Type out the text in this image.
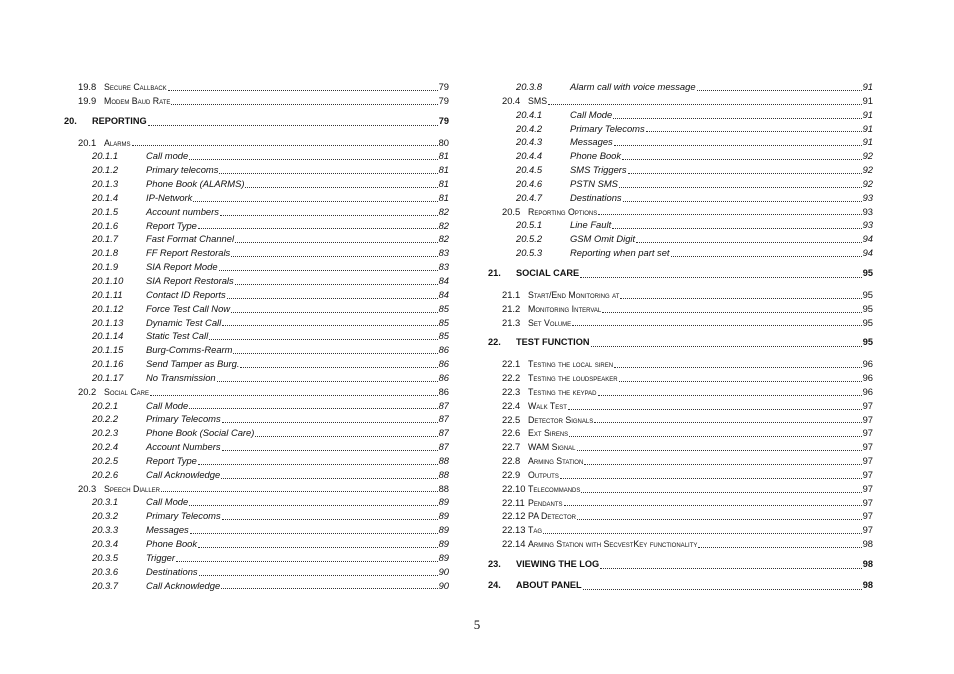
19.8 Secure Callback	79
19.9 Modem Baud Rate	79
20.	REPORTING	79
20.1 Alarms	80
20.1.1	Call mode	81
20.1.2	Primary telecoms	81
20.1.3	Phone Book (ALARMS)	81
20.1.4	IP-Network	81
20.1.5	Account numbers	82
20.1.6	Report Type	82
20.1.7	Fast Format Channel	82
20.1.8	FF Report Restorals	83
20.1.9	SIA Report Mode	83
20.1.10	SIA Report Restorals	84
20.1.11	Contact ID Reports	84
20.1.12	Force Test Call Now	85
20.1.13	Dynamic Test Call	85
20.1.14	Static Test Call	85
20.1.15	Burg-Comms-Rearm	86
20.1.16	Send Tamper as Burg.	86
20.1.17	No Transmission	86
20.2 Social Care	86
20.2.1	Call Mode	87
20.2.2	Primary Telecoms	87
20.2.3	Phone Book (Social Care)	87
20.2.4	Account Numbers	87
20.2.5	Report Type	88
20.2.6	Call Acknowledge	88
20.3 Speech Dialler	88
20.3.1	Call Mode	89
20.3.2	Primary Telecoms	89
20.3.3	Messages	89
20.3.4	Phone Book	89
20.3.5	Trigger	89
20.3.6	Destinations	90
20.3.7	Call Acknowledge	90
20.3.8	Alarm call with voice message	91
20.4 SMS	91
20.4.1	Call Mode	91
20.4.2	Primary Telecoms	91
20.4.3	Messages	91
20.4.4	Phone Book	92
20.4.5	SMS Triggers	92
20.4.6	PSTN SMS	92
20.4.7	Destinations	93
20.5 Reporting Options	93
20.5.1	Line Fault	93
20.5.2	GSM Omit Digit	94
20.5.3	Reporting when part set	94
21.	SOCIAL CARE	95
21.1 Start/End Monitoring at	95
21.2 Monitoring Interval	95
21.3 Set Volume	95
22.	TEST FUNCTION	95
22.1 Testing the local siren	96
22.2 Testing the loudspeaker	96
22.3 Testing the keypad	96
22.4 Walk Test	97
22.5 Detector Signals	97
22.6 Ext Sirens	97
22.7 WAM Signal	97
22.8 Arming Station	97
22.9 Outputs	97
22.10 Telecommands	97
22.11 Pendants	97
22.12 PA Detector	97
22.13 Tag	97
22.14 Arming Station with SecvestKey functionality	98
23.	VIEWING THE LOG	98
24.	ABOUT PANEL	98
5
